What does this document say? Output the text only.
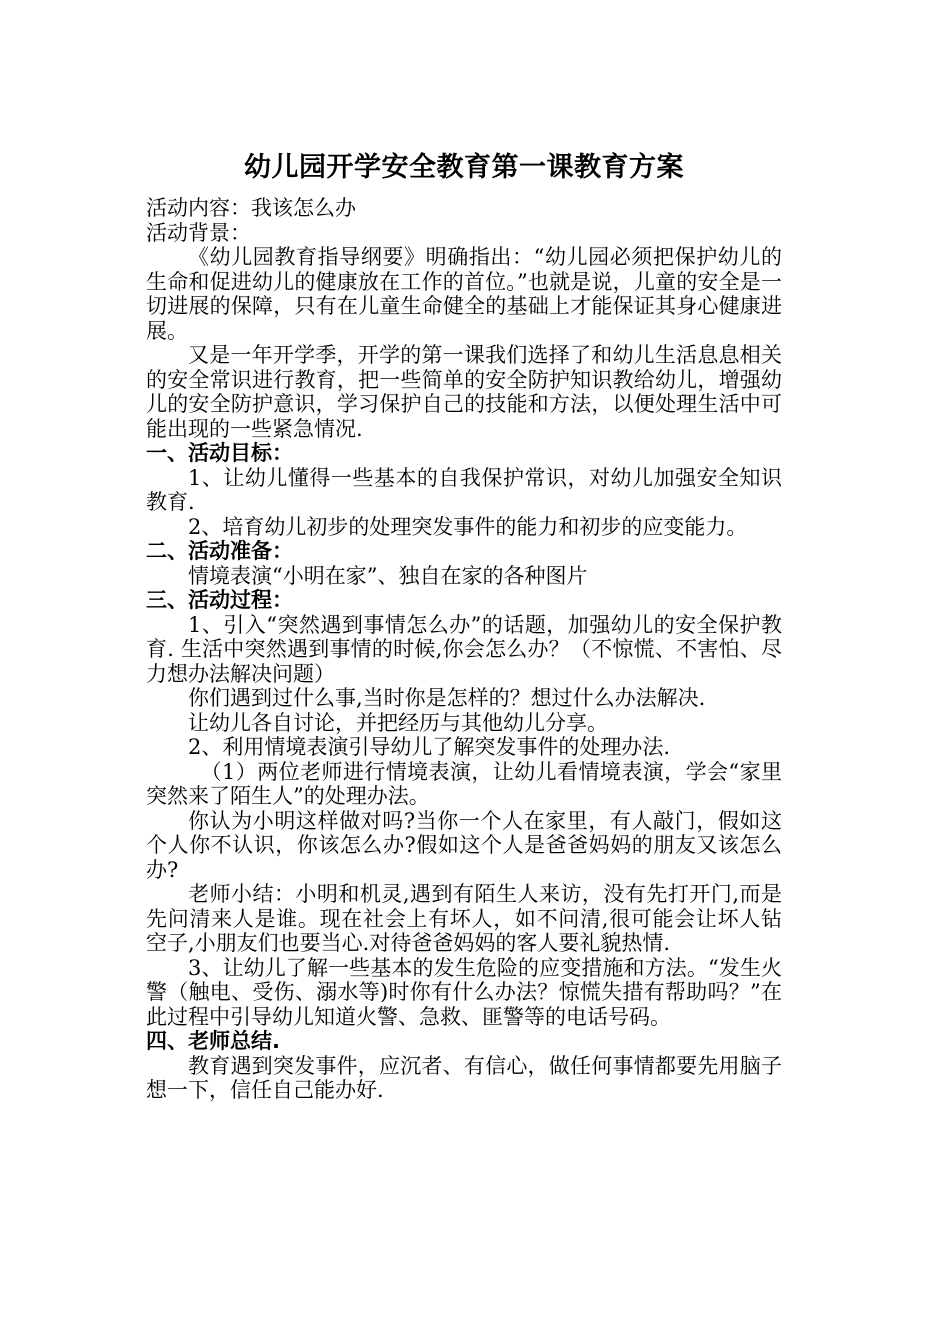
幼儿园开学安全教育第一课教育方案

活动内容：我该怎么办

活动背景：

《幼儿园教育指导纲要》明确指出：“幼儿园必须把保护幼儿的生命和促进幼儿的健康放在工作的首位。”也就是说，儿童的安全是一切进展的保障，只有在儿童生命健全的基础上才能保证其身心健康进展。

又是一年开学季，开学的第一课我们选择了和幼儿生活息息相关的安全常识进行教育，把一些简单的安全防护知识教给幼儿，增强幼儿的安全防护意识，学习保护自己的技能和方法，以便处理生活中可能出现的一些紧急情况.

一、活动目标：

1、让幼儿懂得一些基本的自我保护常识，对幼儿加强安全知识教育.

2、培育幼儿初步的处理突发事件的能力和初步的应变能力。

二、活动准备：

情境表演“小明在家”、独自在家的各种图片

三、活动过程：

1、引入“突然遇到事情怎么办”的话题，加强幼儿的安全保护教育. 生活中突然遇到事情的时候,你会怎么办？（不惊慌、不害怕、尽力想办法解决问题）

你们遇到过什么事,当时你是怎样的？想过什么办法解决.

让幼儿各自讨论，并把经历与其他幼儿分享。

2、利用情境表演引导幼儿了解突发事件的处理办法.

（1）两位老师进行情境表演，让幼儿看情境表演，学会“家里突然来了陌生人”的处理办法。

你认为小明这样做对吗?当你一个人在家里，有人敲门，假如这个人你不认识，你该怎么办?假如这个人是爸爸妈妈的朋友又该怎么办?

老师小结：小明和机灵,遇到有陌生人来访，没有先打开门,而是先问清来人是谁。现在社会上有坏人，如不问清,很可能会让坏人钻空子,小朋友们也要当心.对待爸爸妈妈的客人要礼貌热情.

3、让幼儿了解一些基本的发生危险的应变措施和方法。“发生火警（触电、受伤、溺水等)时你有什么办法？惊慌失措有帮助吗？”在此过程中引导幼儿知道火警、急救、匪警等的电话号码。

四、老师总结.

教育遇到突发事件，应沉者、有信心，做任何事情都要先用脑子想一下，信任自己能办好.
